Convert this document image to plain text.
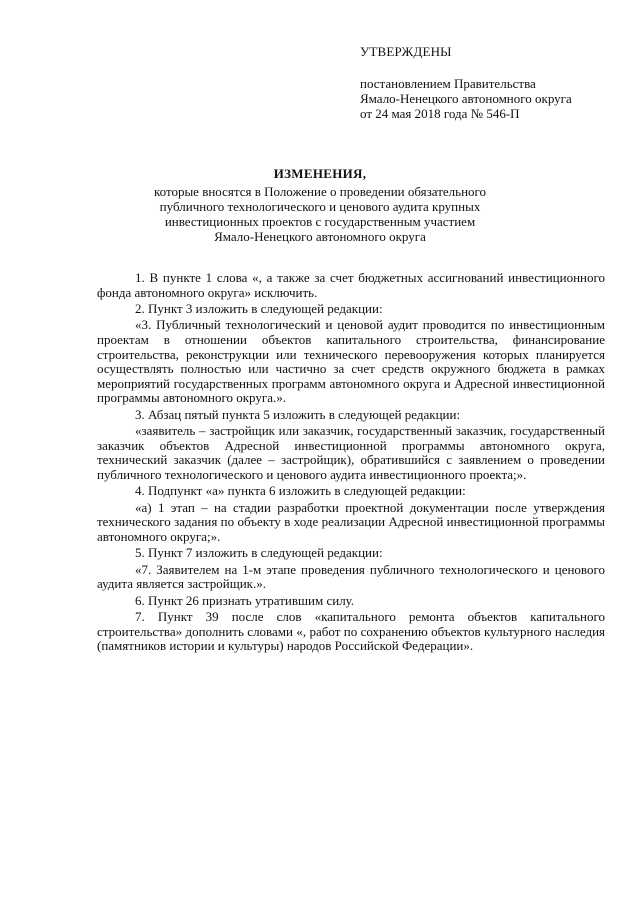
УТВЕРЖДЕНЫ

постановлением Правительства

Ямало-Ненецкого автономного округа

от 24 мая 2018 года № 546-П

ИЗМЕНЕНИЯ,

которые вносятся в Положение о проведении обязательного

публичного технологического и ценового аудита крупных

инвестиционных проектов с государственным участием

Ямало-Ненецкого автономного округа

1. В пункте 1 слова «, а также за счет бюджетных ассигнований инвестиционного фонда автономного округа» исключить.

2. Пункт 3 изложить в следующей редакции:

«3. Публичный технологический и ценовой аудит проводится по инвестиционным проектам в отношении объектов капитального строительства, финансирование строительства, реконструкции или технического перевооружения которых планируется осуществлять полностью или частично за счет средств окружного бюджета в рамках мероприятий государственных программ автономного округа и Адресной инвестиционной программы автономного округа.».

3. Абзац пятый пункта 5 изложить в следующей редакции:

«заявитель – застройщик или заказчик, государственный заказчик, государственный заказчик объектов Адресной инвестиционной программы автономного округа, технический заказчик (далее – застройщик), обратившийся с заявлением о проведении публичного технологического и ценового аудита инвестиционного проекта;».

4. Подпункт «а» пункта 6 изложить в следующей редакции:

«а) 1 этап – на стадии разработки проектной документации после утверждения технического задания по объекту в ходе реализации Адресной инвестиционной программы автономного округа;».

5. Пункт 7 изложить в следующей редакции:

«7. Заявителем на 1-м этапе проведения публичного технологического и ценового аудита является застройщик.».

6. Пункт 26 признать утратившим силу.

7. Пункт 39 после слов «капитального ремонта объектов капитального строительства» дополнить словами «, работ по сохранению объектов культурного наследия (памятников истории и культуры) народов Российской Федерации».
